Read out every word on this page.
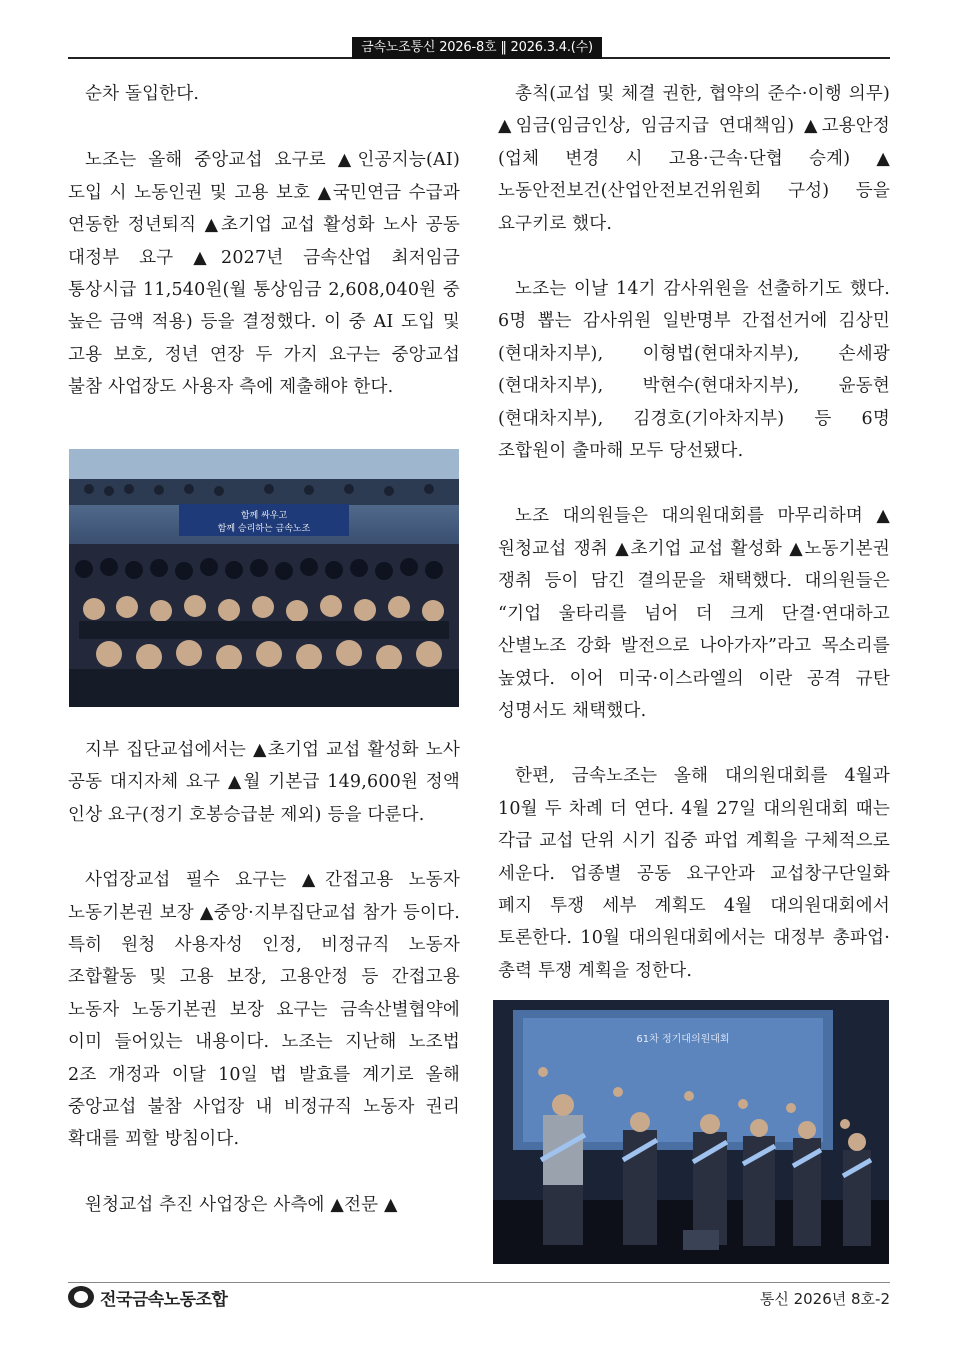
금속노조통신 2026-8호 ‖ 2026.3.4.(수)

순차 돌입한다.

노조는 올해 중앙교섭 요구로 ▲인공지능(AI) 도입 시 노동인권 및 고용 보호 ▲국민연금 수급과 연동한 정년퇴직 ▲초기업 교섭 활성화 노사 공동 대정부 요구 ▲2027년 금속산업 최저임금 통상시급 11,540원(월 통상임금 2,608,040원 중 높은 금액 적용) 등을 결정했다. 이 중 AI 도입 및 고용 보호, 정년 연장 두 가지 요구는 중앙교섭 불참 사업장도 사용자 측에 제출해야 한다.

지부 집단교섭에서는 ▲초기업 교섭 활성화 노사 공동 대지자체 요구 ▲월 기본급 149,600원 정액 인상 요구(정기 호봉승급분 제외) 등을 다룬다.

사업장교섭 필수 요구는 ▲간접고용 노동자 노동기본권 보장 ▲중앙·지부집단교섭 참가 등이다. 특히 원청 사용자성 인정, 비정규직 노동자 조합활동 및 고용 보장, 고용안정 등 간접고용 노동자 노동기본권 보장 요구는 금속산별협약에 이미 들어있는 내용이다. 노조는 지난해 노조법 2조 개정과 이달 10일 법 발효를 계기로 올해 중앙교섭 불참 사업장 내 비정규직 노동자 권리 확대를 꾀할 방침이다.

원청교섭 추진 사업장은 사측에 ▲전문 ▲

총칙(교섭 및 체결 권한, 협약의 준수·이행 의무) ▲임금(임금인상, 임금지급 연대책임) ▲고용안정(업체 변경 시 고용·근속·단협 승계) ▲노동안전보건(산업안전보건위원회 구성) 등을 요구키로 했다.

노조는 이날 14기 감사위원을 선출하기도 했다. 6명 뽑는 감사위원 일반명부 간접선거에 김상민(현대차지부), 이형법(현대차지부), 손세광(현대차지부), 박현수(현대차지부), 윤동현(현대차지부), 김경호(기아차지부) 등 6명 조합원이 출마해 모두 당선됐다.

노조 대의원들은 대의원대회를 마무리하며 ▲원청교섭 쟁취 ▲초기업 교섭 활성화 ▲노동기본권 쟁취 등이 담긴 결의문을 채택했다. 대의원들은 “기업 울타리를 넘어 더 크게 단결·연대하고 산별노조 강화 발전으로 나아가자”라고 목소리를 높였다. 이어 미국·이스라엘의 이란 공격 규탄 성명서도 채택했다.

한편, 금속노조는 올해 대의원대회를 4월과 10월 두 차례 더 연다. 4월 27일 대의원대회 때는 각급 교섭 단위 시기 집중 파업 계획을 구체적으로 세운다. 업종별 공동 요구안과 교섭창구단일화 폐지 투쟁 세부 계획도 4월 대의원대회에서 토론한다. 10월 대의원대회에서는 대정부 총파업·총력 투쟁 계획을 정한다.

함께 싸우고
함께 승리하는 금속노조
61차 정기대의원대회
전국금속노동조합	통신 2026년 8호-2
